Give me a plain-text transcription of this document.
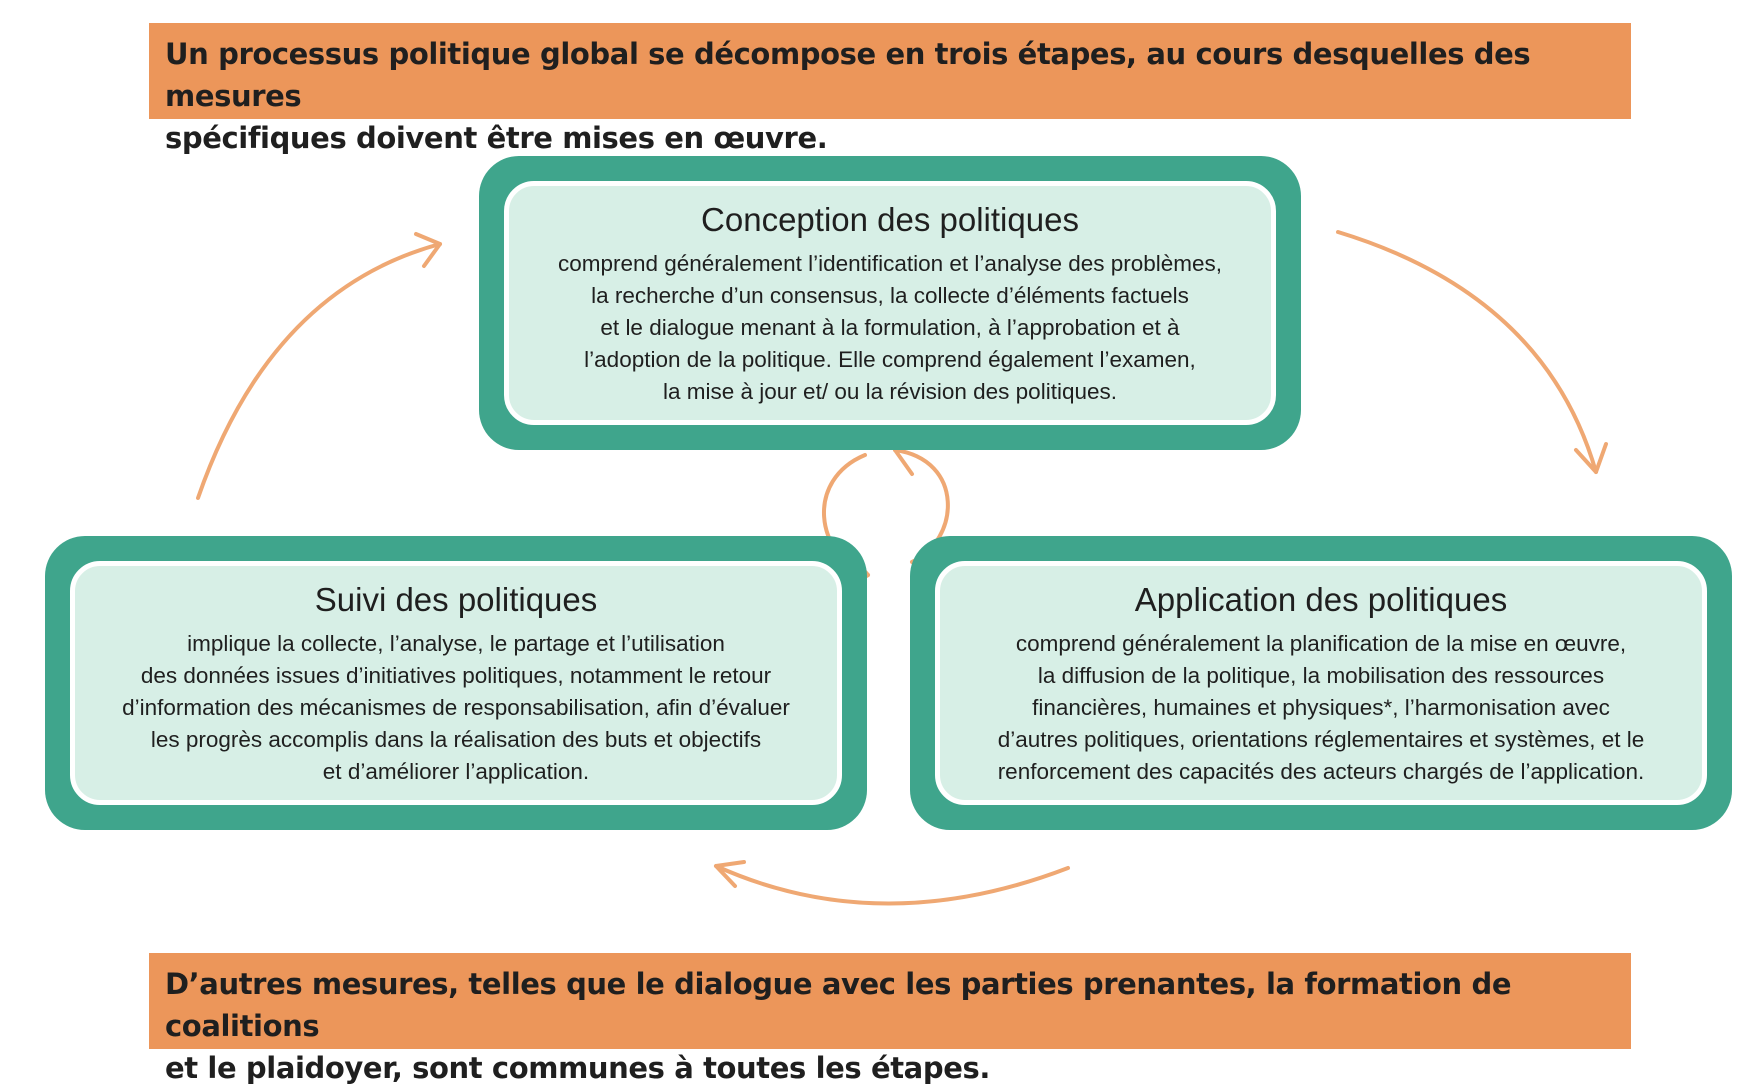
Un processus politique global se décompose en trois étapes, au cours desquelles des mesures
spécifiques doivent être mises en œuvre.
Conception des politiques
comprend généralement l’identification et l’analyse des problèmes,
la recherche d’un consensus, la collecte d’éléments factuels
et le dialogue menant à la formulation, à l’approbation et à
l’adoption de la politique. Elle comprend également l’examen,
la mise à jour et/ ou la révision des politiques.
Suivi des politiques
implique la collecte, l’analyse, le partage et l’utilisation
des données issues d’initiatives politiques, notamment le retour
d’information des mécanismes de responsabilisation, afin d’évaluer
les progrès accomplis dans la réalisation des buts et objectifs
et d’améliorer l’application.
Application des politiques
comprend généralement la planification de la mise en œuvre,
la diffusion de la politique, la mobilisation des ressources
financières, humaines et physiques*, l’harmonisation avec
d’autres politiques, orientations réglementaires et systèmes, et le
renforcement des capacités des acteurs chargés de l’application.
D’autres mesures, telles que le dialogue avec les parties prenantes, la formation de coalitions
et le plaidoyer, sont communes à toutes les étapes.
